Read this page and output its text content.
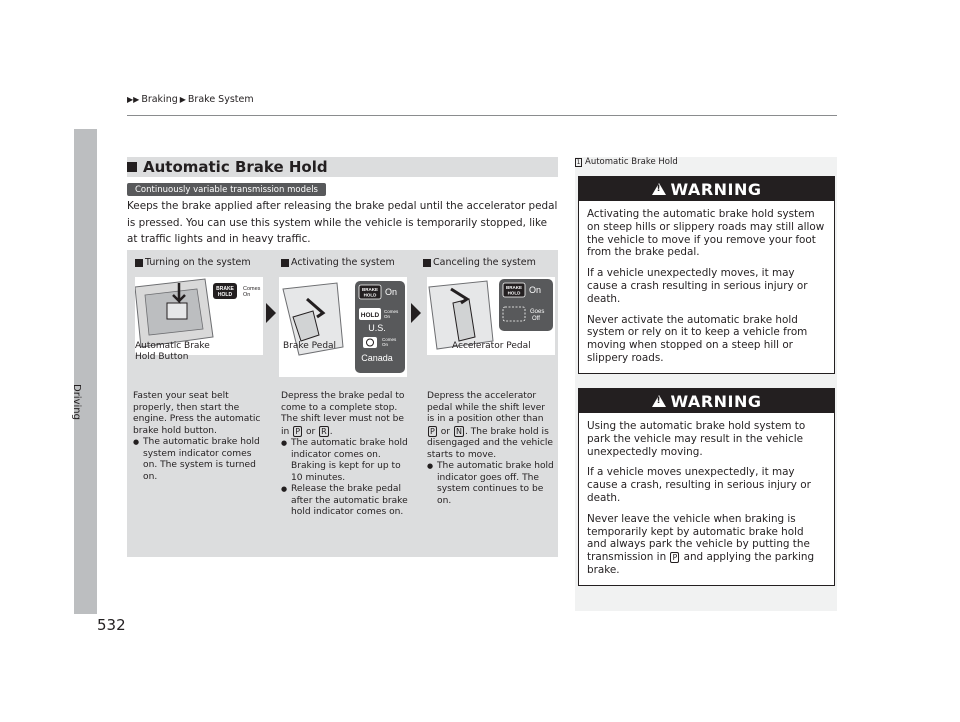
Driving
532
▶▶ Braking ▶ Brake System
Automatic Brake Hold
Continuously variable transmission models
Keeps the brake applied after releasing the brake pedal until the accelerator pedal is pressed. You can use this system while the vehicle is temporarily stopped, like at traffic lights and in heavy traffic.
Turning on the system
BRAKE
HOLD
Comes
On
Automatic Brake
Hold Button
Fasten your seat belt properly, then start the engine. Press the automatic brake hold button.
● The automatic brake hold system indicator comes on. The system is turned on.
Activating the system
BRAKE
HOLD On
HOLD
Comes
On
U.S.
Comes
On
Canada
Brake Pedal
Depress the brake pedal to come to a complete stop. The shift lever must not be in P or R .
● The automatic brake hold indicator comes on. Braking is kept for up to 10 minutes.
● Release the brake pedal after the automatic brake hold indicator comes on.
Canceling the system
BRAKE
HOLD On
Goes
Off
Accelerator Pedal
Depress the accelerator pedal while the shift lever is in a position other than P or N . The brake hold is disengaged and the vehicle starts to move.
● The automatic brake hold indicator goes off. The system continues to be on.
1 Automatic Brake Hold
!
WARNING

Activating the automatic brake hold system on steep hills or slippery roads may still allow the vehicle to move if you remove your foot from the brake pedal.

If a vehicle unexpectedly moves, it may cause a crash resulting in serious injury or death.

Never activate the automatic brake hold system or rely on it to keep a vehicle from moving when stopped on a steep hill or slippery roads.

!
WARNING

Using the automatic brake hold system to park the vehicle may result in the vehicle unexpectedly moving.

If a vehicle moves unexpectedly, it may cause a crash, resulting in serious injury or death.

Never leave the vehicle when braking is temporarily kept by automatic brake hold and always park the vehicle by putting the transmission in P and applying the parking brake.
